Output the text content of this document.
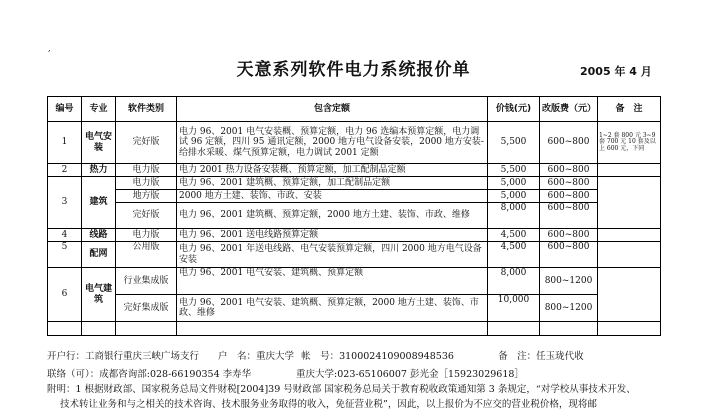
,
天意系列软件电力系统报价单	2005 年 4 月
编号	专业	软件类别	包含定额	价钱(元)	改版费（元）	备　注
1	电气安装	完好版	电力 96、2001 电气安装概、预算定额，电力 96 选编本预算定额，电力调试 96 定额，四川 95 通讯定额，2000 地方电气设备安装，2000 地方安装-给排水采暖、煤气预算定额，电力调试 2001 定额	5,500	600~800	1~2 套 800 元 3~9 套 700 元 10 套及以上 600 元，下同
2	热力	电力版	电力 2001 热力设备安装概、预算定额，加工配制品定额	5,500	600~800	
3	建筑	电力版	电力 96、2001 建筑概、预算定额，加工配制品定额	5,000	600~800	
		地方版	2000 地方土建、装饰、市政、安装	5,000	600~800	
		完好版	电力 96、2001 建筑概、预算定额，2000 地方土建、装饰、市政、维修	8,000	600~800	
4	线路	电力版	电力 96、2001 送电线路预算定额	4,500	600~800	
5	配网	公用版	电力 96、2001 年送电线路、电气安装预算定额，四川 2000 地方电气设备安装	4,500	600~800	
6	电气建筑	行业集成版	电力 96、2001 电气安装、建筑概、预算定额	8,000	800~1200	
		完好集成版	电力 96、2001 电气安装、建筑概、预算定额，2000 地方土建、装饰、市政、维修	10,000	800~1200	

开户行：工商银行重庆三峡广场支行 户　名：重庆大学 帐　号：3100024109008948536	备　注：任玉珑代收
联络（可）：成都咨询部:028-66190354 李寿华	重庆大学:023-65106007 彭光金［15923029618］
附明：1 根据财政部、国家税务总局文件财税[2004]39 号财政部 国家税务总局关于教育税收政策通知第 3 条规定，“对学校从事技术开发、
技术转让业务和与之相关的技术咨询、技术服务业务取得的收入，免征营业税”，因此，以上报价为不应交的营业税价格，现将邮
